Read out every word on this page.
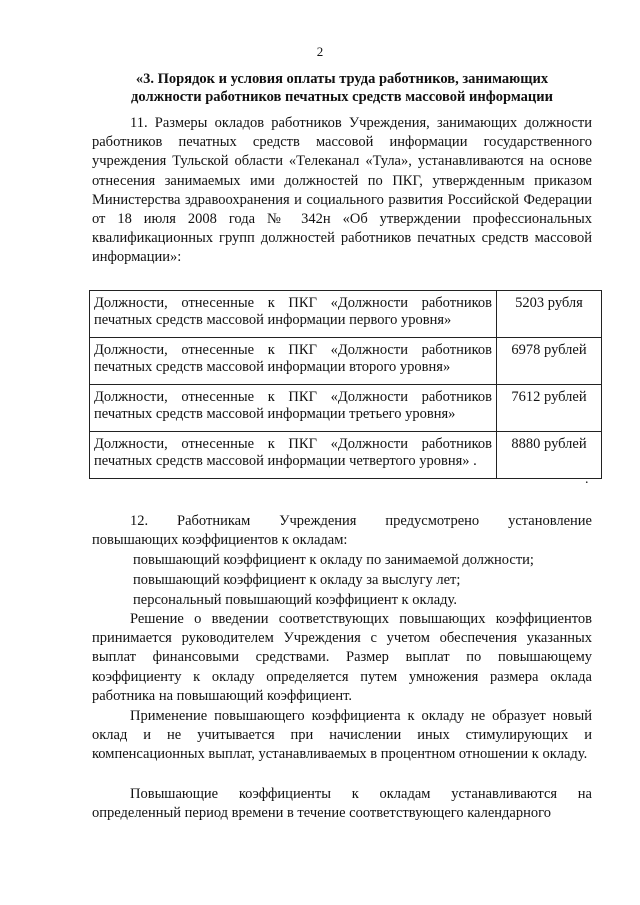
2
«3. Порядок и условия оплаты труда работников, занимающих
должности работников печатных средств массовой информации

11. Размеры окладов работников Учреждения, занимающих должности работников печатных средств массовой информации государственного учреждения Тульской области «Телеканал «Тула», устанавливаются на основе отнесения занимаемых ими должностей по ПКГ, утвержденным приказом Министерства здравоохранения и социального развития Российской Федерации от 18 июля 2008 года № 342н «Об утверждении профессиональных квалификационных групп должностей работников печатных средств массовой информации»:

Должности, отнесенные к ПКГ «Должности работников печатных средств массовой информации первого уровня»	5203 рубля
Должности, отнесенные к ПКГ «Должности работников печатных средств массовой информации второго уровня»	6978 рублей
Должности, отнесенные к ПКГ «Должности работников печатных средств массовой информации третьего уровня»	7612 рублей
Должности, отнесенные к ПКГ «Должности работников печатных средств массовой информации четвертого уровня» .	8880 рублей
.
12. Работникам Учреждения предусмотрено установление
повышающих коэффициентов к окладам:
повышающий коэффициент к окладу по занимаемой должности;
повышающий коэффициент к окладу за выслугу лет;
персональный повышающий коэффициент к окладу.

Решение о введении соответствующих повышающих коэффициентов принимается руководителем Учреждения с учетом обеспечения указанных выплат финансовыми средствами. Размер выплат по повышающему коэффициенту к окладу определяется путем умножения размера оклада работника на повышающий коэффициент.

Применение повышающего коэффициента к окладу не образует новый оклад и не учитывается при начислении иных стимулирующих и компенсационных выплат, устанавливаемых в процентном отношении к окладу.

Повышающие коэффициенты к окладам устанавливаются на определенный период времени в течение соответствующего календарного
